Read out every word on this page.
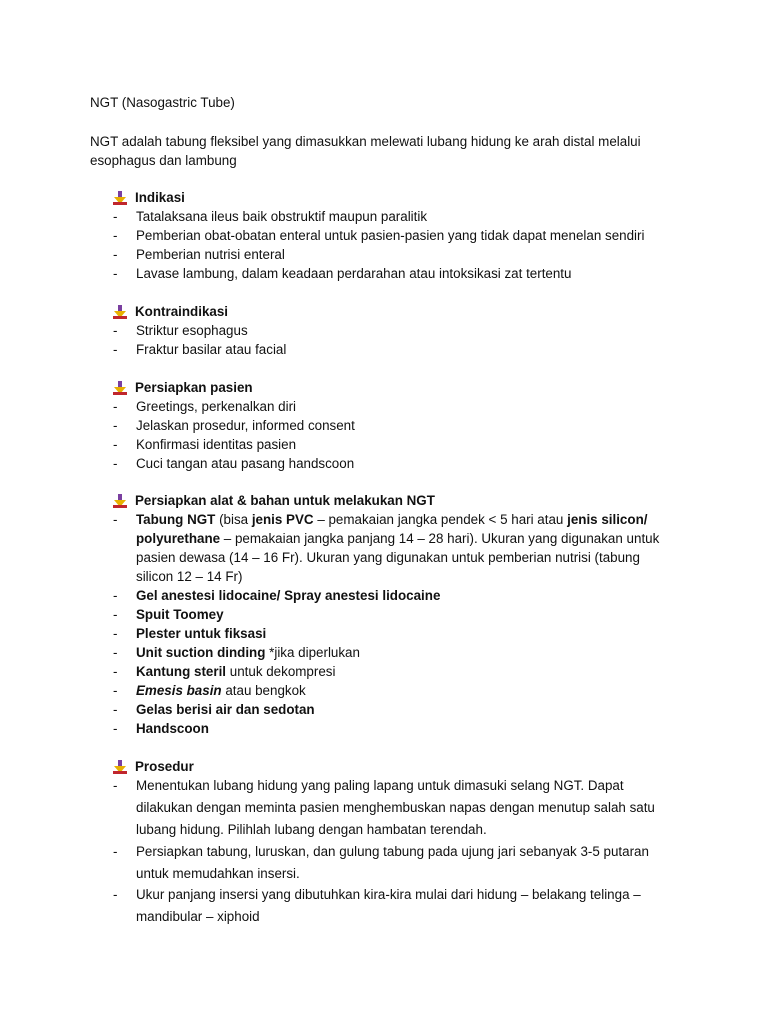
NGT (Nasogastric Tube)
NGT adalah tabung fleksibel yang dimasukkan melewati lubang hidung ke arah distal melalui
esophagus dan lambung
Indikasi
- Tatalaksana ileus baik obstruktif maupun paralitik
- Pemberian obat-obatan enteral untuk pasien-pasien yang tidak dapat menelan sendiri
- Pemberian nutrisi enteral
- Lavase lambung, dalam keadaan perdarahan atau intoksikasi zat tertentu
Kontraindikasi
- Striktur esophagus
- Fraktur basilar atau facial
Persiapkan pasien
- Greetings, perkenalkan diri
- Jelaskan prosedur, informed consent
- Konfirmasi identitas pasien
- Cuci tangan atau pasang handscoon
Persiapkan alat & bahan untuk melakukan NGT
- Tabung NGT (bisa jenis PVC – pemakaian jangka pendek < 5 hari atau jenis silicon/
polyurethane – pemakaian jangka panjang 14 – 28 hari). Ukuran yang digunakan untuk
pasien dewasa (14 – 16 Fr). Ukuran yang digunakan untuk pemberian nutrisi (tabung
silicon 12 – 14 Fr)
- Gel anestesi lidocaine/ Spray anestesi lidocaine
- Spuit Toomey
- Plester untuk fiksasi
- Unit suction dinding *jika diperlukan
- Kantung steril untuk dekompresi
- Emesis basin atau bengkok
- Gelas berisi air dan sedotan
- Handscoon
Prosedur
- Menentukan lubang hidung yang paling lapang untuk dimasuki selang NGT. Dapat
dilakukan dengan meminta pasien menghembuskan napas dengan menutup salah satu
lubang hidung. Pilihlah lubang dengan hambatan terendah.
- Persiapkan tabung, luruskan, dan gulung tabung pada ujung jari sebanyak 3-5 putaran
untuk memudahkan insersi.
- Ukur panjang insersi yang dibutuhkan kira-kira mulai dari hidung – belakang telinga –
mandibular – xiphoid
